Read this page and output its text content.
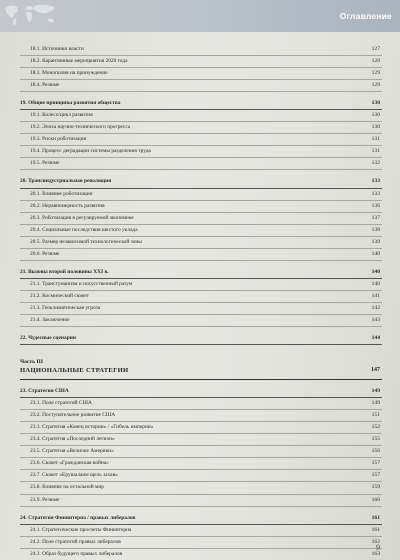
Оглавление
18.1. Источники власти	127
18.2. Карантинные мероприятия 2020 года	128
18.3. Монополия на принуждение	129
18.4. Резюме	129
19. Общие принципы развития общества	130
19.1. Колесо/цикл развития	130
19.2. Эпоха научно-технического прогресса	130
19.3. Риски роботизации	131
19.4. Процесс деградации системы разделения труда	131
19.5. Резюме	132
20. Трансиндустриальная революция	133
20.1. Влияние роботизации	133
20.2. Неравномерность развития	136
20.3. Роботизация в регулируемой экономике	137
20.4. Социальные последствия шестого уклада	138
20.5. Размер независимой технологической зоны	139
20.6. Резюме	140
21. Вызовы второй половины XXI в.	140
21.1. Трансгуманизм и искусственный разум	140
21.2. Космический сюжет	141
21.3. Геоклиматическая угроза	142
21.4. Заключение	143
22. Чудесные сценарии	144
Часть III
НАЦИОНАЛЬНЫЕ СТРАТЕГИИ	147
23. Стратегия США	149
23.1. Поле стратегий США	149
23.2. Поступательное развитие США	151
23.3. Стратегия «Конец истории» / «Гибель империи»	152
23.4. Стратегия «Последний легион»	155
23.5. Стратегия «Величие Америки»	156
23.6. Сюжет «Гражданская война»	157
23.7. Сюжет «Ерушалаим щель захав»	157
23.8. Влияние на остальной мир	159
23.9. Резюме	160
24. Стратегия Фининтерна / правых либералов	161
24.1. Стратегические просчеты Фининтерна	161
24.2. Поле стратегий правых либералов	162
24.3. Образ будущего правых либералов	163
9
